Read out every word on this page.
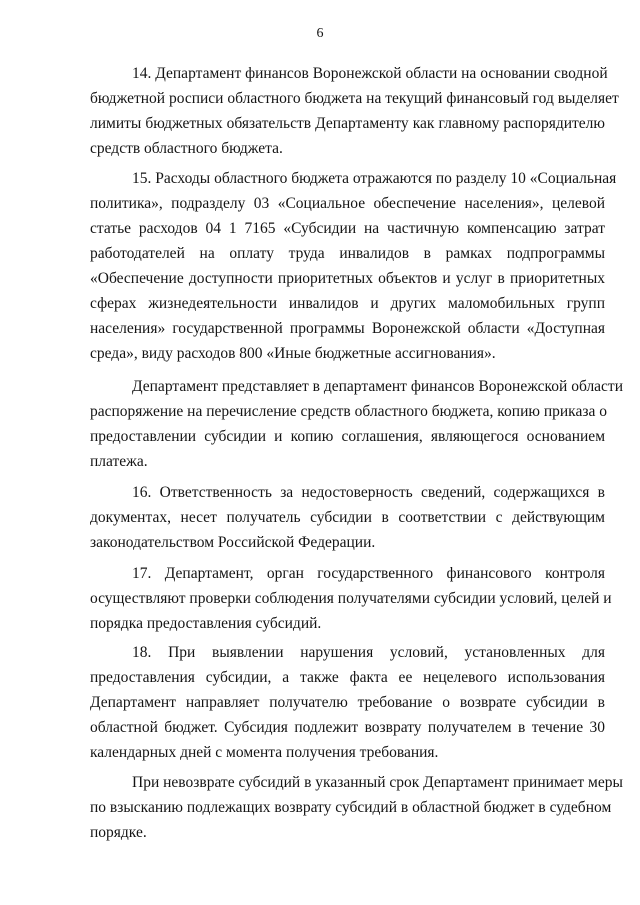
6
14. Департамент финансов Воронежской области на основании сводной
бюджетной росписи областного бюджета на текущий финансовый год выделяет
лимиты бюджетных обязательств Департаменту как главному распорядителю
средств областного бюджета.
15. Расходы областного бюджета отражаются по разделу 10 «Социальная
политика», подразделу 03 «Социальное обеспечение населения», целевой
статье расходов 04 1 7165 «Субсидии на частичную компенсацию затрат
работодателей на оплату труда инвалидов в рамках подпрограммы
«Обеспечение доступности приоритетных объектов и услуг в приоритетных
сферах жизнедеятельности инвалидов и других маломобильных групп
населения» государственной программы Воронежской области «Доступная
среда», виду расходов 800 «Иные бюджетные ассигнования».
Департамент представляет в департамент финансов Воронежской области
распоряжение на перечисление средств областного бюджета, копию приказа о
предоставлении субсидии и копию соглашения, являющегося основанием
платежа.
16. Ответственность за недостоверность сведений, содержащихся в
документах, несет получатель субсидии в соответствии с действующим
законодательством Российской Федерации.
17. Департамент, орган государственного финансового контроля
осуществляют проверки соблюдения получателями субсидии условий, целей и
порядка предоставления субсидий.
18. При выявлении нарушения условий, установленных для
предоставления субсидии, а также факта ее нецелевого использования
Департамент направляет получателю требование о возврате субсидии в
областной бюджет. Субсидия подлежит возврату получателем в течение 30
календарных дней с момента получения требования.
При невозврате субсидий в указанный срок Департамент принимает меры
по взысканию подлежащих возврату субсидий в областной бюджет в судебном
порядке.
